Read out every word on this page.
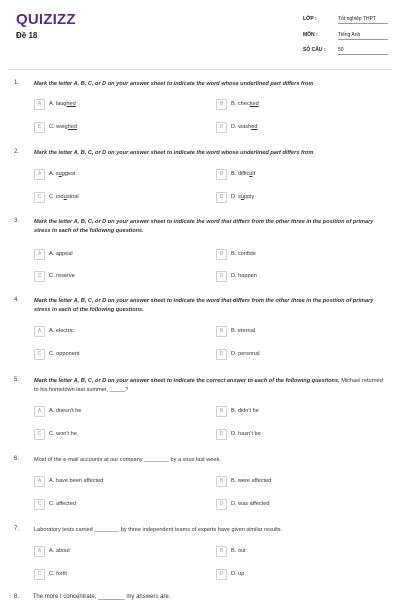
QUIZIZZ
Đề 18
LỚP :	Tốt nghiệp THPT
MÔN :	Tiếng Anh
SỐ CÂU :	50
1.	Mark the letter A, B, C, or D on your answer sheet to indicate the word whose underlined part differs from
A	A. laughed	B	B. checked
C	C. weighed	D	D. washed
2.	Mark the letter A, B, C, or D on your answer sheet to indicate the word whose underlined part differs from
A	A. suggest	B	B. difficult
C	C. industrial	D	D. supply
3.	Mark the letter A, B, C, or D on your answer sheet to indicate the word that differs from the other three in the position of primary stress in each of the following questions.
A	A. appeal	B	B. confide
C	C. reserve	D	D. happen
4.	Mark the letter A, B, C, or D on your answer sheet to indicate the word that differs from the other three in the position of primary stress in each of the following questions.
A	A. electric	B	B. eternal
C	C. opponent	D	D. personal
5.	Mark the letter A, B, C, or D on your answer sheet to indicate the correct answer to each of the following questions. Michael returned to his hometown last summer, _____?
A	A. doesn't he	B	B. didn't he
C	C. won't he	D	D. hasn't be
6.	Most of the e-mail accounts at our company ________ by a virus last week.
A	A. have been affected	B	B. were affected
C	C. affected	D	D. was affected
7.	Laboratory tests carried ________ by three independent teams of experts have given similar results.
A	A. about	B	B. out
C	C. forth	D	D. up
8. The more I concentrate, ________ my answers are.
